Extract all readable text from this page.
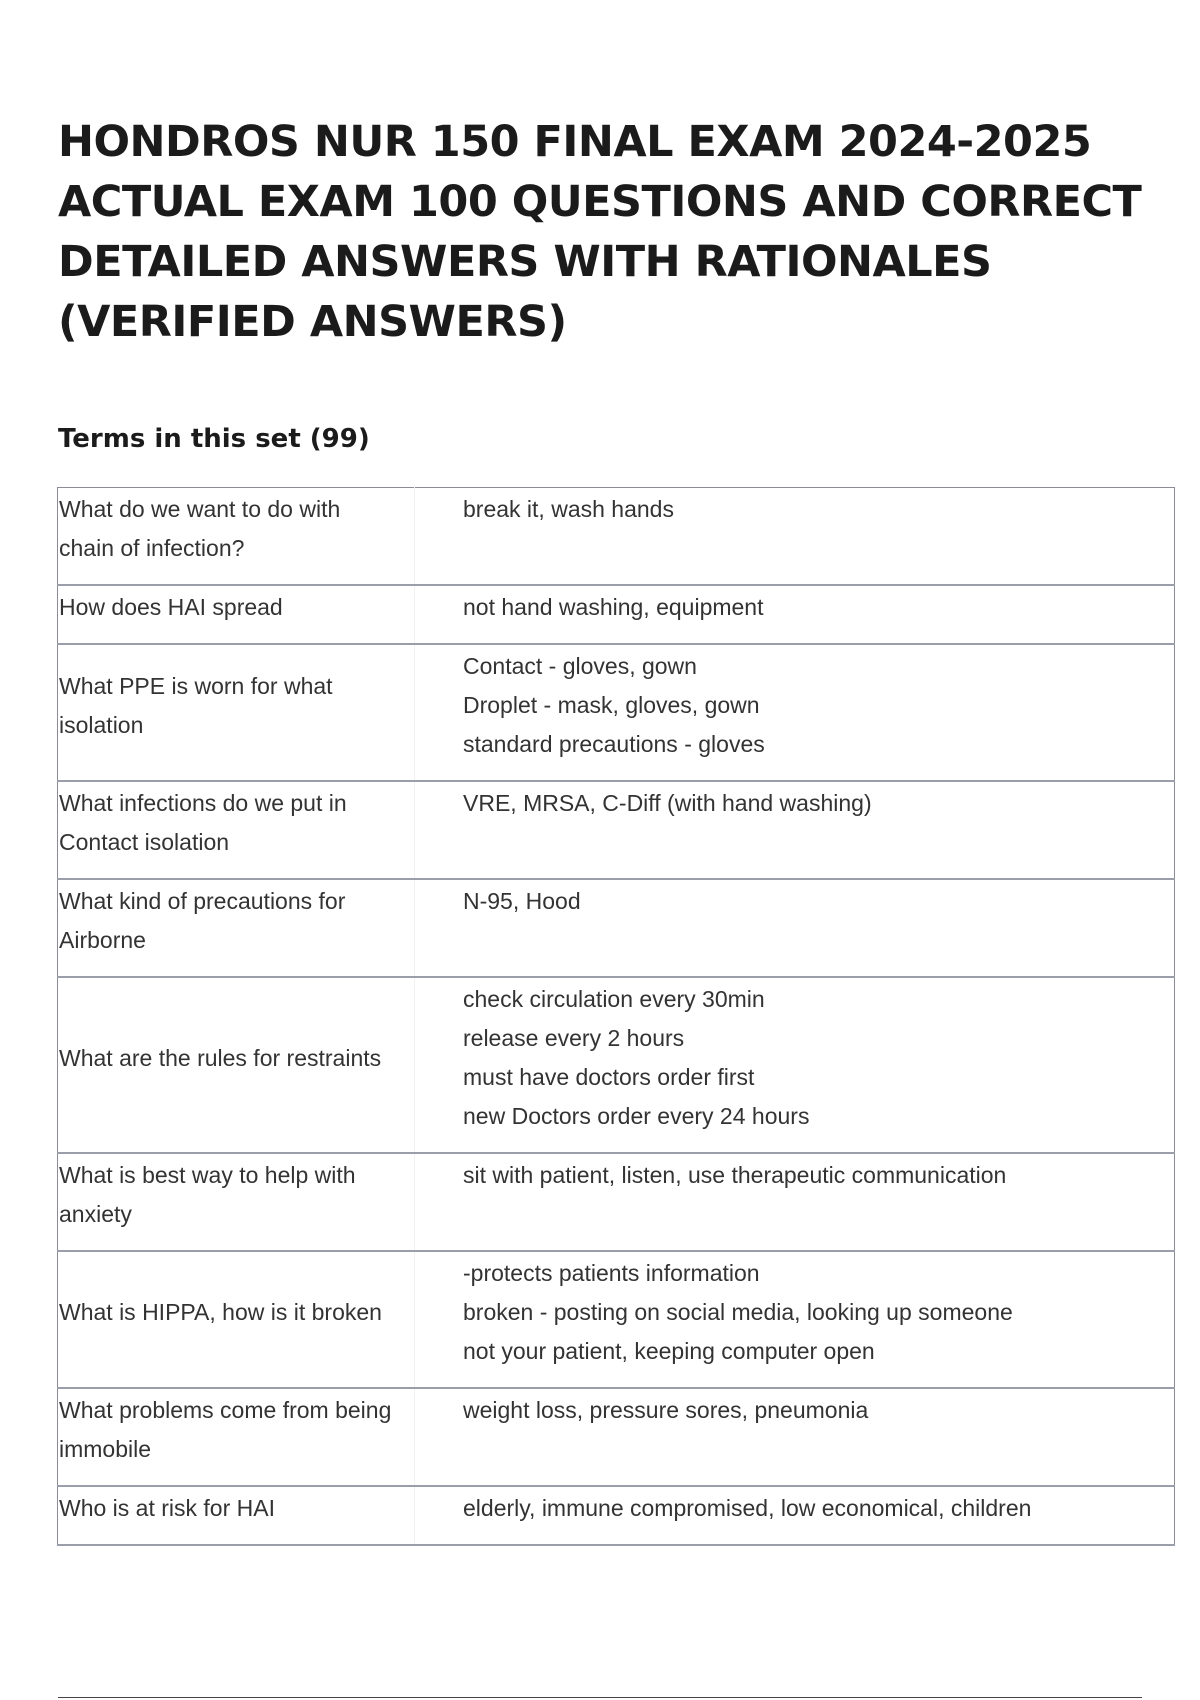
HONDROS NUR 150 FINAL EXAM 2024-2025 ACTUAL EXAM 100 QUESTIONS AND CORRECT DETAILED ANSWERS WITH RATIONALES (VERIFIED ANSWERS)
Terms in this set (99)
What do we want to do with chain of infection?	break it, wash hands

How does HAI spread	not hand washing, equipment

What PPE is worn for what isolation	Contact - gloves, gown
Droplet - mask, gloves, gown
standard precautions - gloves

What infections do we put in Contact isolation	VRE, MRSA, C-Diff (with hand washing)

What kind of precautions for Airborne	N-95, Hood

What are the rules for restraints	check circulation every 30min
release every 2 hours
must have doctors order first
new Doctors order every 24 hours

What is best way to help with anxiety	sit with patient, listen, use therapeutic communication

What is HIPPA, how is it broken	-protects patients information
broken - posting on social media, looking up someone
not your patient, keeping computer open

What problems come from being immobile	weight loss, pressure sores, pneumonia

Who is at risk for HAI	elderly, immune compromised, low economical, children
